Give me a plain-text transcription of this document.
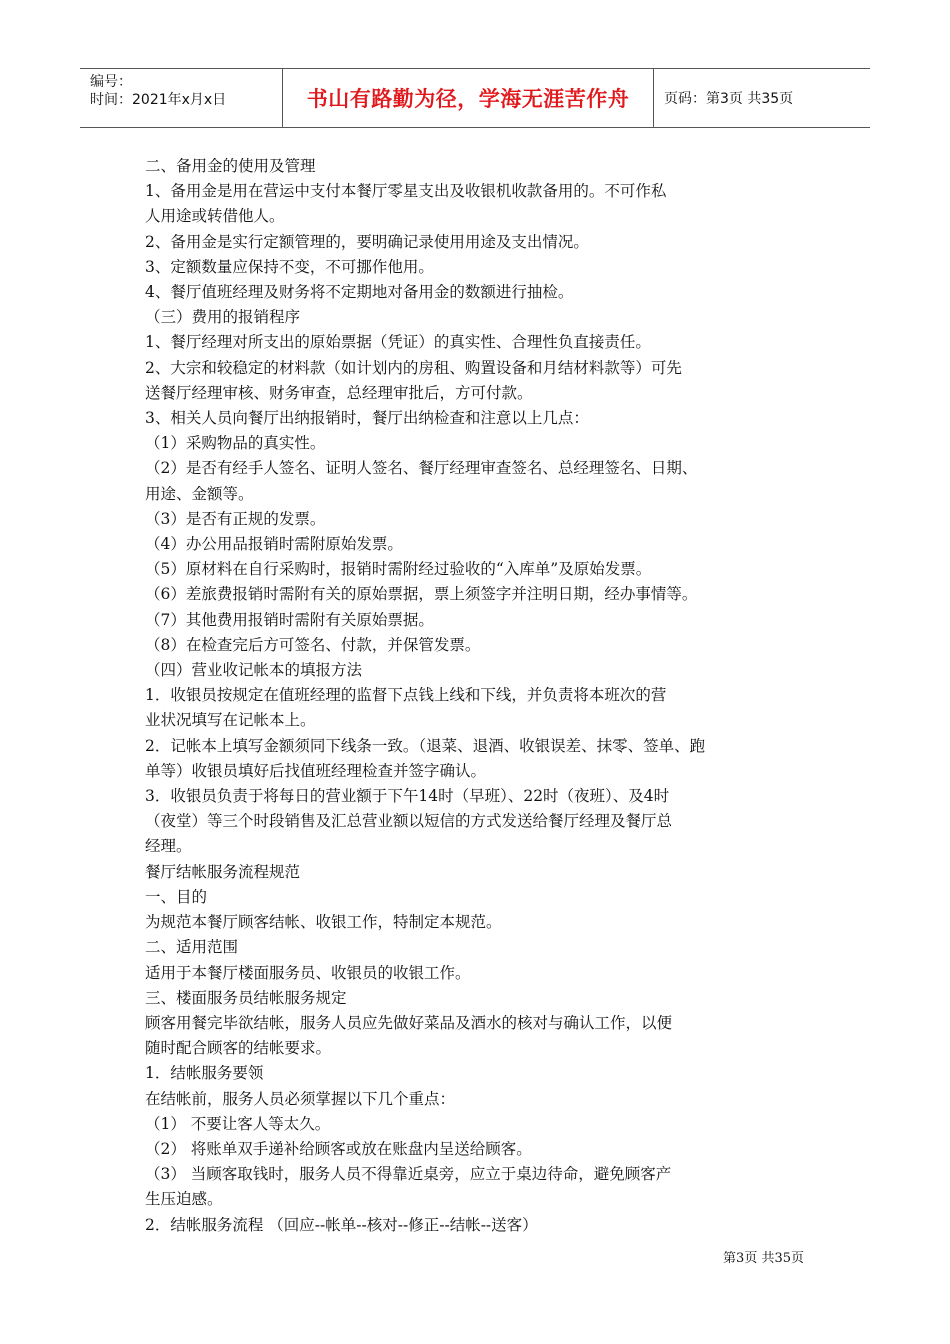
编号：
时间：2021年x月x日	书山有路勤为径，学海无涯苦作舟 页码：第3页 共35页

二、备用金的使用及管理

1、备用金是用在营运中支付本餐厅零星支出及收银机收款备用的。不可作私

人用途或转借他人。

2、备用金是实行定额管理的，要明确记录使用用途及支出情况。

3、定额数量应保持不变，不可挪作他用。

4、餐厅值班经理及财务将不定期地对备用金的数额进行抽检。

（三）费用的报销程序

1、餐厅经理对所支出的原始票据（凭证）的真实性、合理性负直接责任。

2、大宗和较稳定的材料款（如计划内的房租、购置设备和月结材料款等）可先

送餐厅经理审核、财务审查，总经理审批后，方可付款。

3、相关人员向餐厅出纳报销时，餐厅出纳检查和注意以上几点：

（1）采购物品的真实性。

（2）是否有经手人签名、证明人签名、餐厅经理审查签名、总经理签名、日期、

用途、金额等。

（3）是否有正规的发票。

（4）办公用品报销时需附原始发票。

（5）原材料在自行采购时，报销时需附经过验收的“入库单”及原始发票。

（6）差旅费报销时需附有关的原始票据，票上须签字并注明日期，经办事情等。

（7）其他费用报销时需附有关原始票据。

（8）在检查完后方可签名、付款，并保管发票。

（四）营业收记帐本的填报方法

1．收银员按规定在值班经理的监督下点钱上线和下线，并负责将本班次的营

业状况填写在记帐本上。

2．记帐本上填写金额须同下线条一致。（退菜、退酒、收银误差、抹零、签单、跑

单等）收银员填好后找值班经理检查并签字确认。

3．收银员负责于将每日的营业额于下午14时（早班）、22时（夜班）、及4时

（夜堂）等三个时段销售及汇总营业额以短信的方式发送给餐厅经理及餐厅总

经理。

餐厅结帐服务流程规范

一、目的

为规范本餐厅顾客结帐、收银工作，特制定本规范。

二、适用范围

适用于本餐厅楼面服务员、收银员的收银工作。

三、楼面服务员结帐服务规定

顾客用餐完毕欲结帐，服务人员应先做好菜品及酒水的核对与确认工作，以便

随时配合顾客的结帐要求。

1．结帐服务要领

在结帐前，服务人员必须掌握以下几个重点：

（1） 不要让客人等太久。

（2） 将账单双手递补给顾客或放在账盘内呈送给顾客。

（3） 当顾客取钱时，服务人员不得靠近桌旁，应立于桌边待命，避免顾客产

生压迫感。

2．结帐服务流程 （回应--帐单--核对--修正--结帐--送客）

第3页 共35页
